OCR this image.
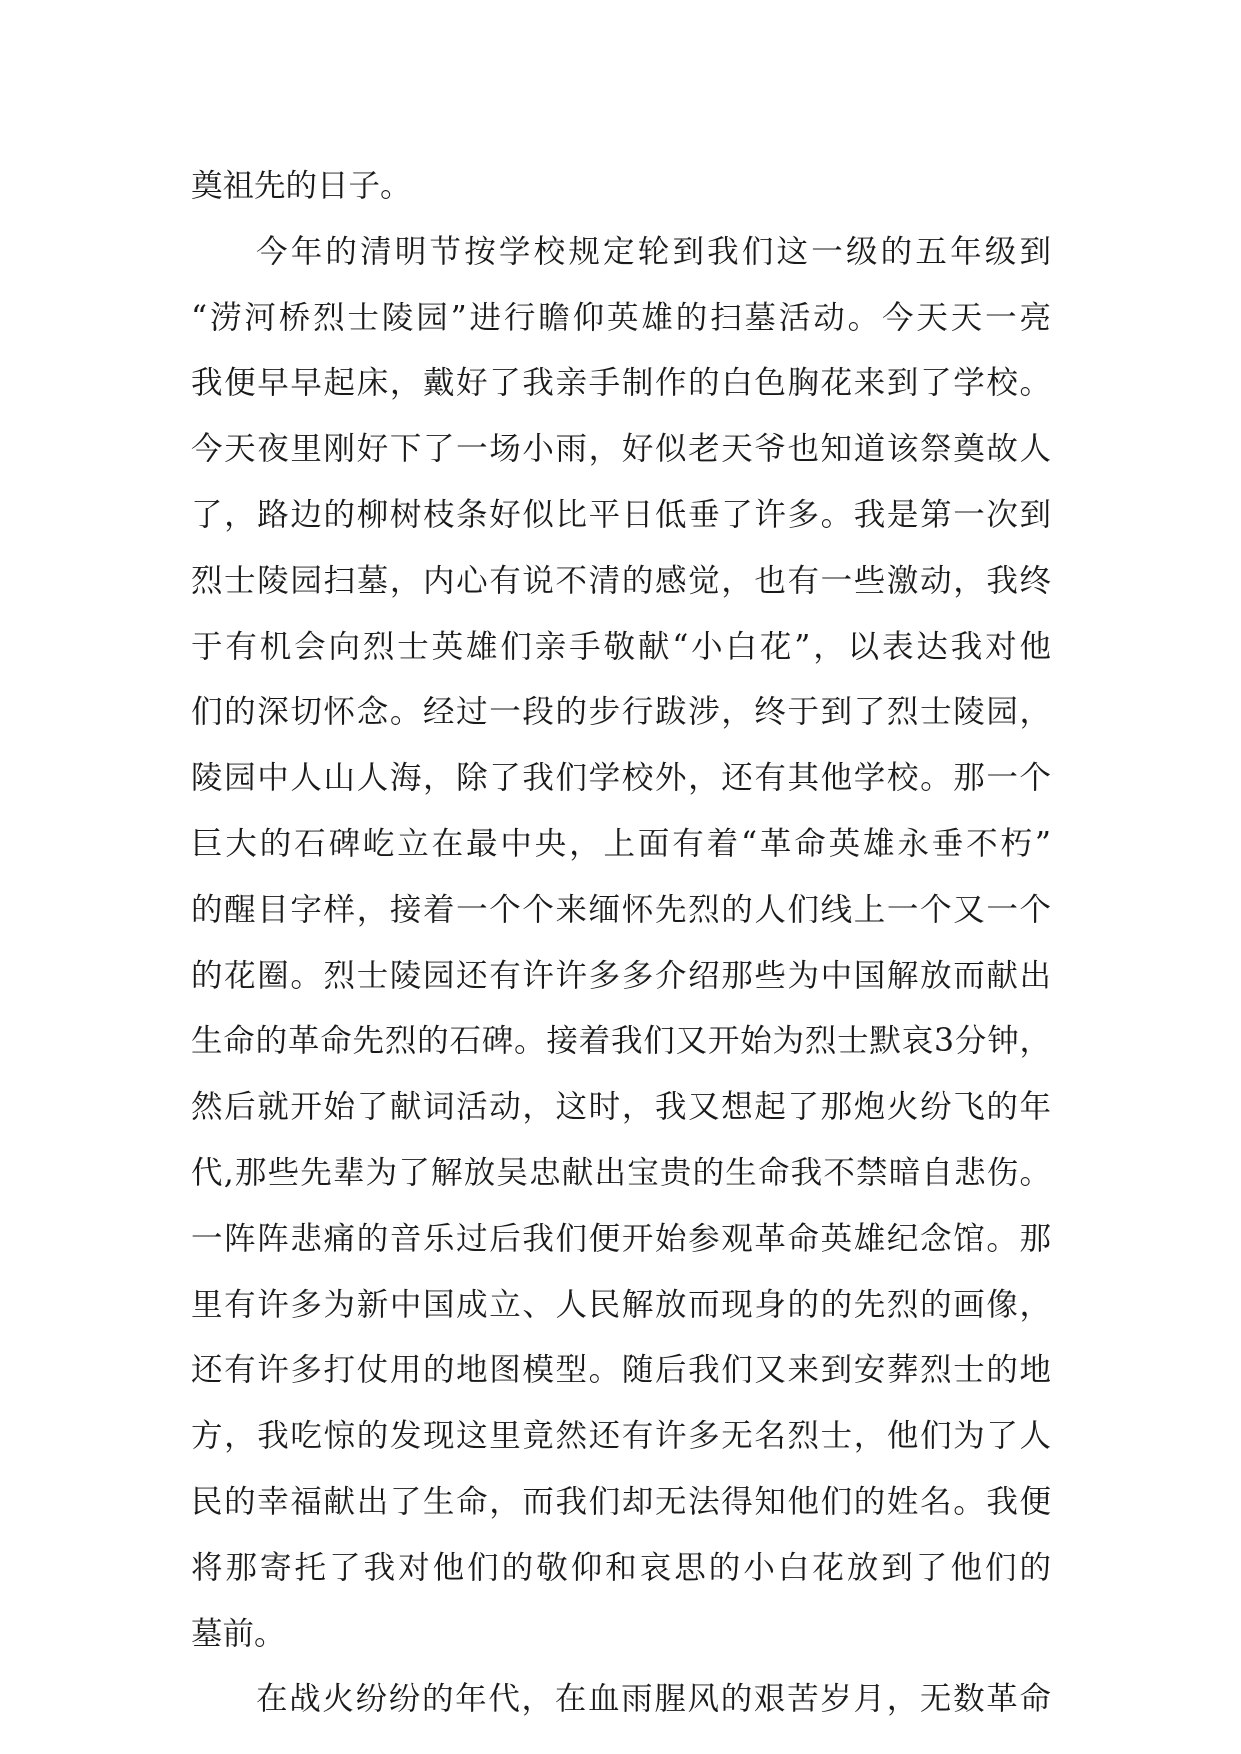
奠祖先的日子。
今年的清明节按学校规定轮到我们这一级的五年级到
“涝河桥烈士陵园”进行瞻仰英雄的扫墓活动。今天天一亮
我便早早起床，戴好了我亲手制作的白色胸花来到了学校。
今天夜里刚好下了一场小雨，好似老天爷也知道该祭奠故人
了，路边的柳树枝条好似比平日低垂了许多。我是第一次到
烈士陵园扫墓，内心有说不清的感觉，也有一些激动，我终
于有机会向烈士英雄们亲手敬献“小白花”，以表达我对他
们的深切怀念。经过一段的步行跋涉，终于到了烈士陵园，
陵园中人山人海，除了我们学校外，还有其他学校。那一个
巨大的石碑屹立在最中央，上面有着“革命英雄永垂不朽”
的醒目字样，接着一个个来缅怀先烈的人们线上一个又一个
的花圈。烈士陵园还有许许多多介绍那些为中国解放而献出
生命的革命先烈的石碑。接着我们又开始为烈士默哀3分钟，
然后就开始了献词活动，这时，我又想起了那炮火纷飞的年
代,那些先辈为了解放吴忠献出宝贵的生命我不禁暗自悲伤。
一阵阵悲痛的音乐过后我们便开始参观革命英雄纪念馆。那
里有许多为新中国成立、人民解放而现身的的先烈的画像，
还有许多打仗用的地图模型。随后我们又来到安葬烈士的地
方，我吃惊的发现这里竟然还有许多无名烈士，他们为了人
民的幸福献出了生命，而我们却无法得知他们的姓名。我便
将那寄托了我对他们的敬仰和哀思的小白花放到了他们的
墓前。
在战火纷纷的年代，在血雨腥风的艰苦岁月，无数革命
